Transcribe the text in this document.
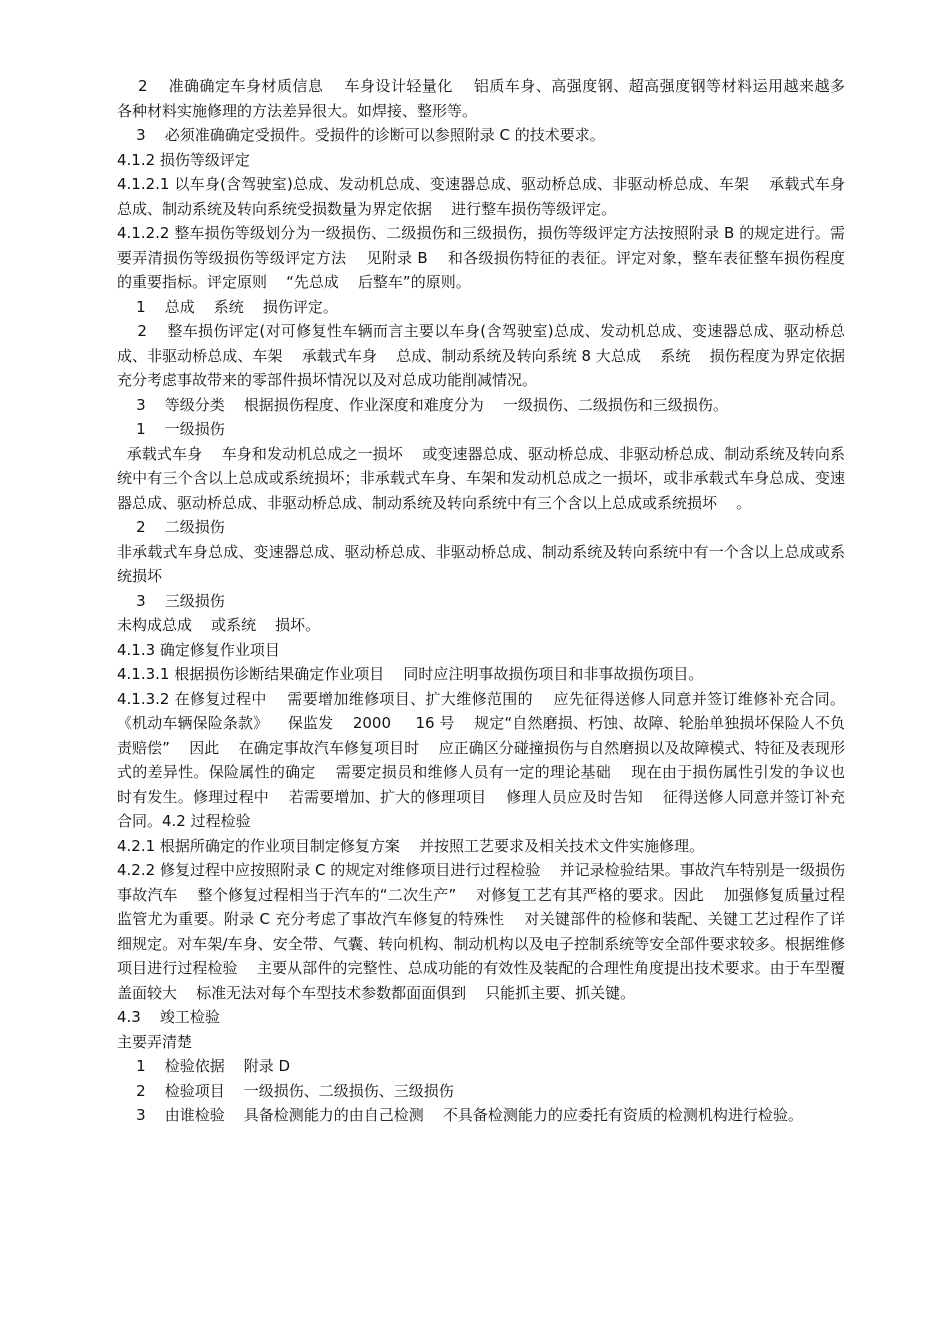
2    准确确定车身材质信息    车身设计轻量化    铝质车身、高强度钢、超高强度钢等材料运用越来越多    各种材料实施修理的方法差异很大。如焊接、整形等。

3    必须准确确定受损件。受损件的诊断可以参照附录 C 的技术要求。

4.1.2 损伤等级评定

4.1.2.1 以车身(含驾驶室)总成、发动机总成、变速器总成、驱动桥总成、非驱动桥总成、车架    承载式车身    总成、制动系统及转向系统受损数量为界定依据    进行整车损伤等级评定。

4.1.2.2 整车损伤等级划分为一级损伤、二级损伤和三级损伤，损伤等级评定方法按照附录 B 的规定进行。需要弄清损伤等级损伤等级评定方法    见附录 B    和各级损伤特征的表征。评定对象，整车表征整车损伤程度的重要指标。评定原则    “先总成    后整车”的原则。

1    总成    系统    损伤评定。

2    整车损伤评定(对可修复性车辆而言主要以车身(含驾驶室)总成、发动机总成、变速器总成、驱动桥总成、非驱动桥总成、车架    承载式车身    总成、制动系统及转向系统 8 大总成    系统    损伤程度为界定依据    充分考虑事故带来的零部件损坏情况以及对总成功能削减情况。

3    等级分类    根据损伤程度、作业深度和难度分为    一级损伤、二级损伤和三级损伤。

1    一级损伤

承载式车身    车身和发动机总成之一损坏    或变速器总成、驱动桥总成、非驱动桥总成、制动系统及转向系统中有三个含以上总成或系统损坏；非承载式车身、车架和发动机总成之一损坏，或非承载式车身总成、变速器总成、驱动桥总成、非驱动桥总成、制动系统及转向系统中有三个含以上总成或系统损坏    。

2    二级损伤

非承载式车身总成、变速器总成、驱动桥总成、非驱动桥总成、制动系统及转向系统中有一个含以上总成或系统损坏

3    三级损伤

未构成总成    或系统    损坏。

4.1.3 确定修复作业项目

4.1.3.1 根据损伤诊断结果确定作业项目    同时应注明事故损伤项目和非事故损伤项目。

4.1.3.2 在修复过程中    需要增加维修项目、扩大维修范围的    应先征得送修人同意并签订维修补充合同。《机动车辆保险条款》    保监发    2000     16 号    规定“自然磨损、朽蚀、故障、轮胎单独损坏保险人不负责赔偿”    因此    在确定事故汽车修复项目时    应正确区分碰撞损伤与自然磨损以及故障模式、特征及表现形式的差异性。保险属性的确定    需要定损员和维修人员有一定的理论基础    现在由于损伤属性引发的争议也时有发生。修理过程中    若需要增加、扩大的修理项目    修理人员应及时告知    征得送修人同意并签订补充合同。4.2 过程检验

4.2.1 根据所确定的作业项目制定修复方案    并按照工艺要求及相关技术文件实施修理。

4.2.2 修复过程中应按照附录 C 的规定对维修项目进行过程检验    并记录检验结果。事故汽车特别是一级损伤事故汽车    整个修复过程相当于汽车的“二次生产”    对修复工艺有其严格的要求。因此    加强修复质量过程监管尤为重要。附录 C 充分考虑了事故汽车修复的特殊性    对关键部件的检修和装配、关键工艺过程作了详细规定。对车架/车身、安全带、气囊、转向机构、制动机构以及电子控制系统等安全部件要求较多。根据维修项目进行过程检验    主要从部件的完整性、总成功能的有效性及装配的合理性角度提出技术要求。由于车型覆盖面较大    标准无法对每个车型技术参数都面面俱到    只能抓主要、抓关键。

4.3    竣工检验

主要弄清楚

1    检验依据    附录 D

2    检验项目    一级损伤、二级损伤、三级损伤

3    由谁检验    具备检测能力的由自己检测    不具备检测能力的应委托有资质的检测机构进行检验。
